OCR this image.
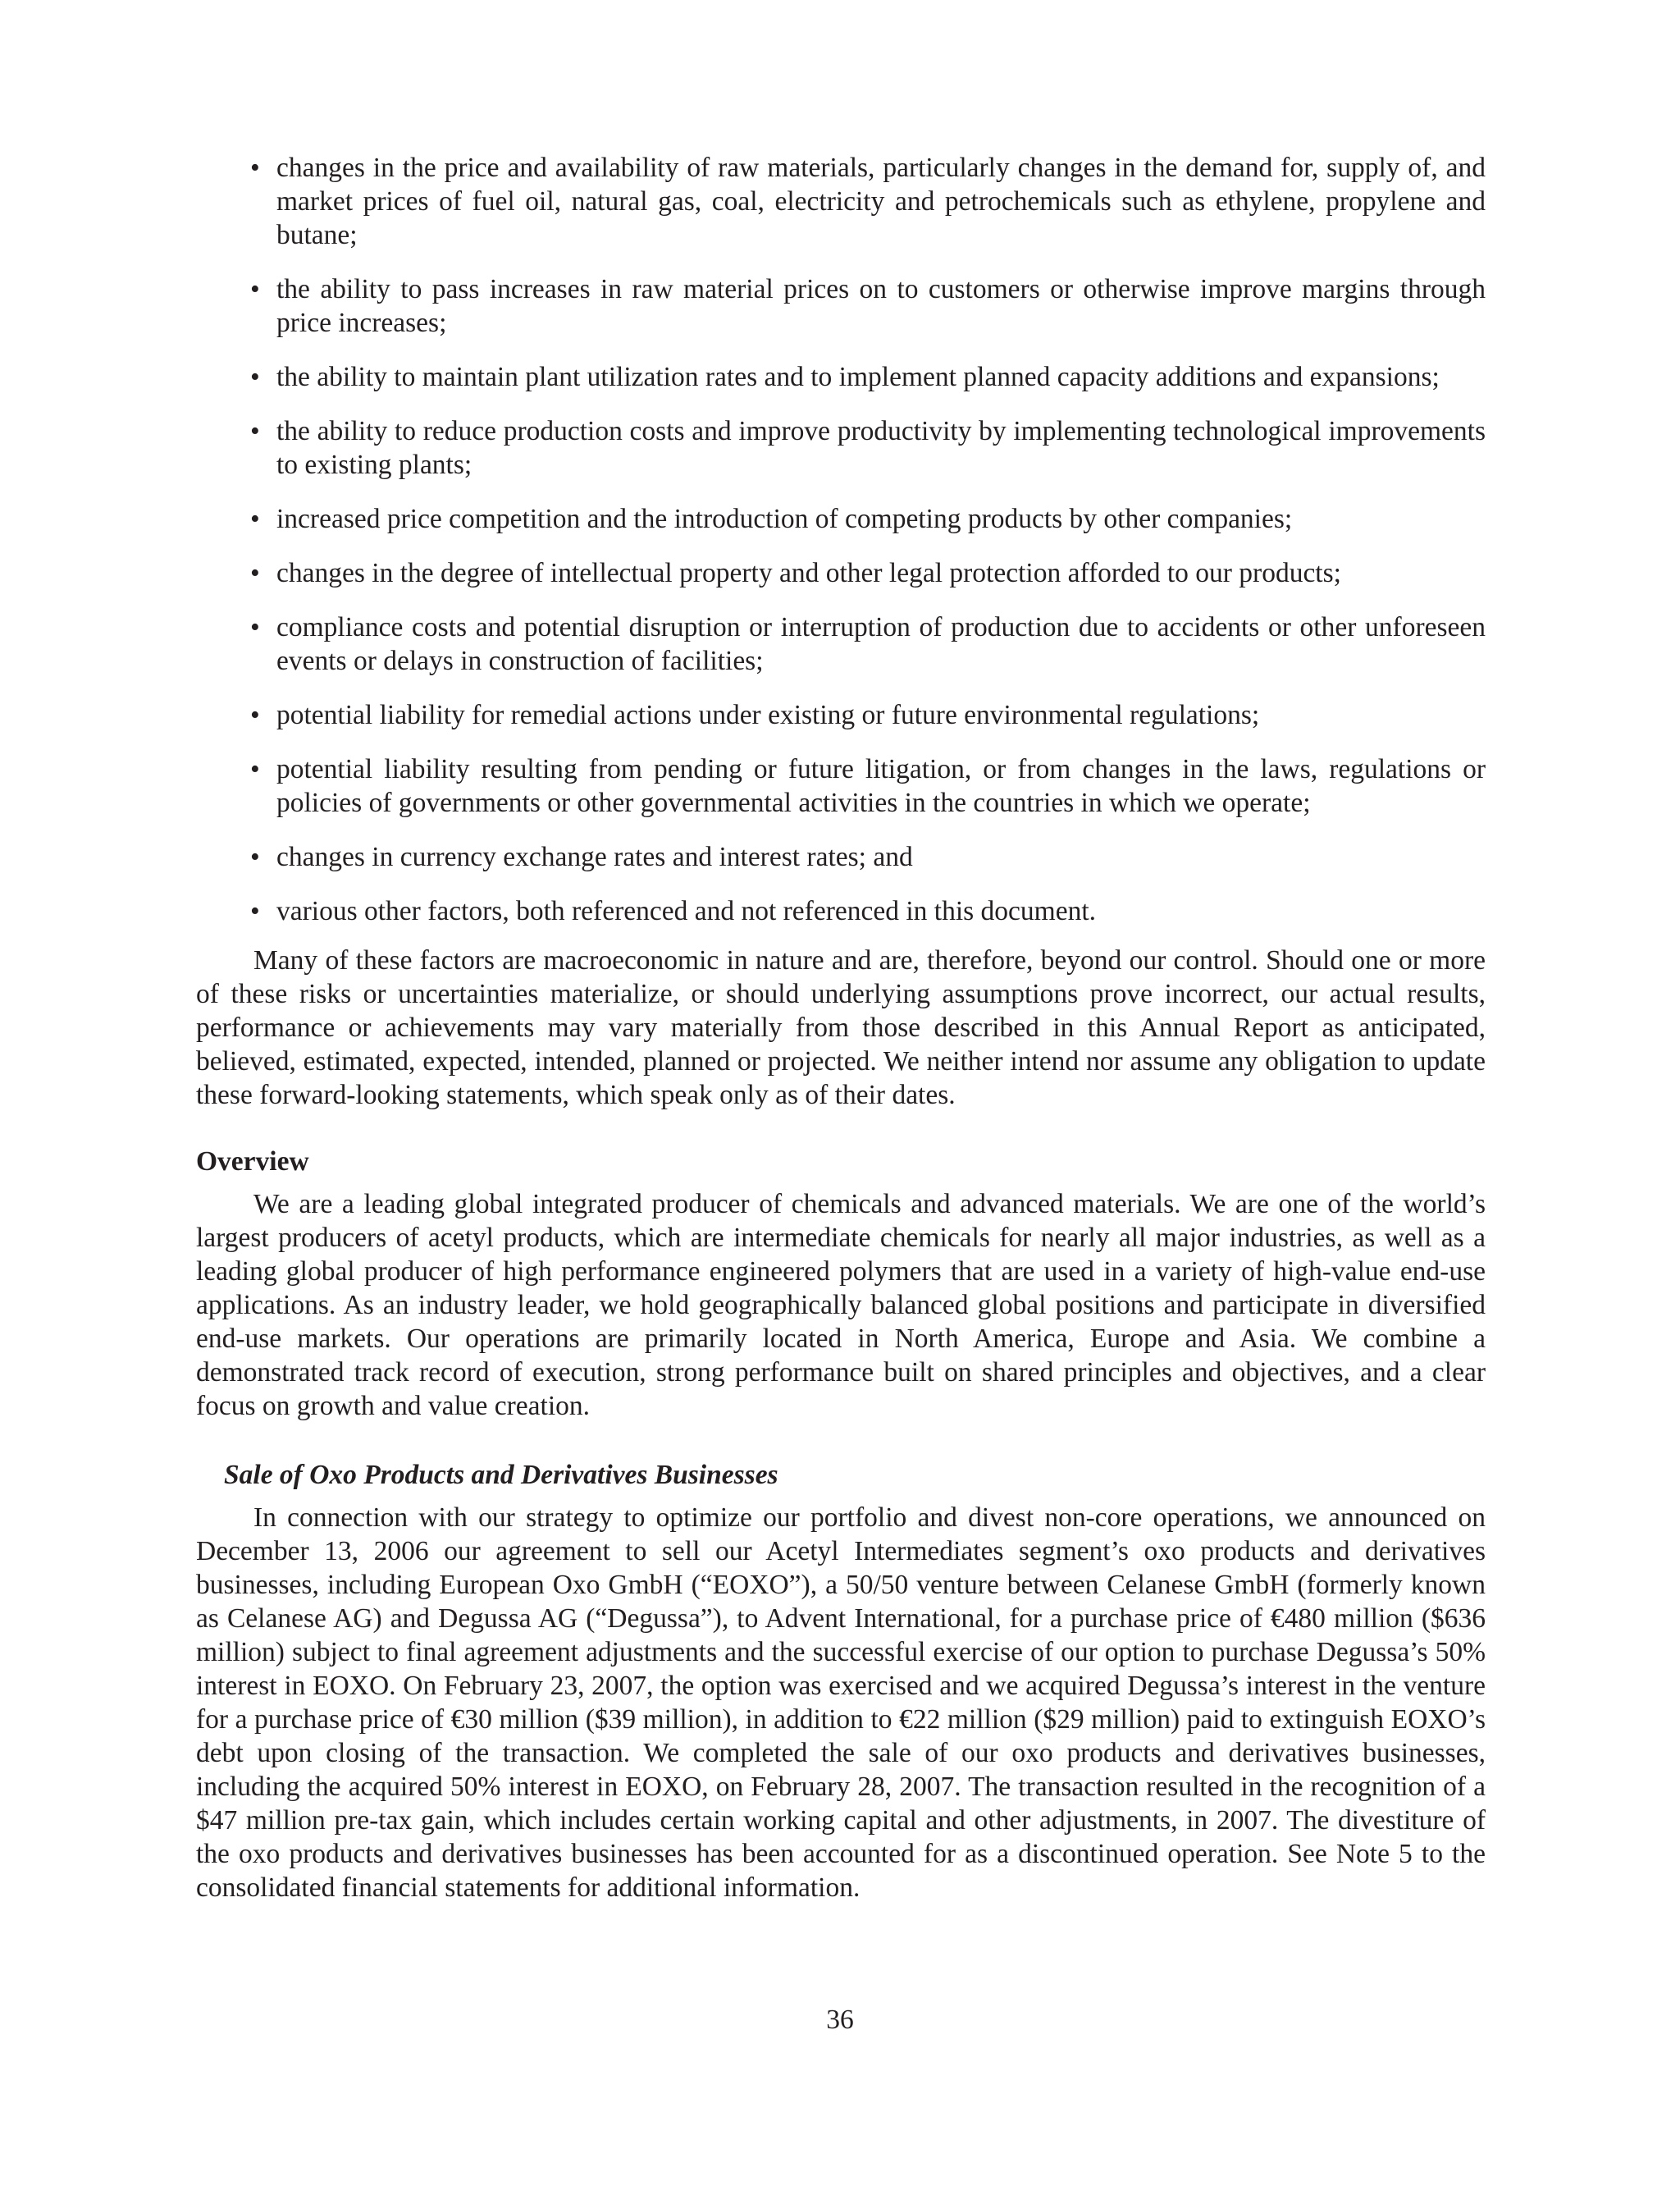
• changes in the price and availability of raw materials, particularly changes in the demand for, supply of, and market prices of fuel oil, natural gas, coal, electricity and petrochemicals such as ethylene, propylene and butane;
• the ability to pass increases in raw material prices on to customers or otherwise improve margins through price increases;
• the ability to maintain plant utilization rates and to implement planned capacity additions and expansions;
• the ability to reduce production costs and improve productivity by implementing technological improvements to existing plants;
• increased price competition and the introduction of competing products by other companies;
• changes in the degree of intellectual property and other legal protection afforded to our products;
• compliance costs and potential disruption or interruption of production due to accidents or other unforeseen events or delays in construction of facilities;
• potential liability for remedial actions under existing or future environmental regulations;
• potential liability resulting from pending or future litigation, or from changes in the laws, regulations or policies of governments or other governmental activities in the countries in which we operate;
• changes in currency exchange rates and interest rates; and
• various other factors, both referenced and not referenced in this document.

Many of these factors are macroeconomic in nature and are, therefore, beyond our control. Should one or more of these risks or uncertainties materialize, or should underlying assumptions prove incorrect, our actual results, performance or achievements may vary materially from those described in this Annual Report as anticipated, believed, estimated, expected, intended, planned or projected. We neither intend nor assume any obligation to update these forward-looking statements, which speak only as of their dates.

Overview

We are a leading global integrated producer of chemicals and advanced materials. We are one of the world’s largest producers of acetyl products, which are intermediate chemicals for nearly all major industries, as well as a leading global producer of high performance engineered polymers that are used in a variety of high-value end-use applications. As an industry leader, we hold geographically balanced global positions and participate in diversified end-use markets. Our operations are primarily located in North America, Europe and Asia. We combine a demonstrated track record of execution, strong performance built on shared principles and objectives, and a clear focus on growth and value creation.

Sale of Oxo Products and Derivatives Businesses

In connection with our strategy to optimize our portfolio and divest non-core operations, we announced on December 13, 2006 our agreement to sell our Acetyl Intermediates segment’s oxo products and derivatives businesses, including European Oxo GmbH (“EOXO”), a 50/50 venture between Celanese GmbH (formerly known as Celanese AG) and Degussa AG (“Degussa”), to Advent International, for a purchase price of €480 million ($636 million) subject to final agreement adjustments and the successful exercise of our option to purchase Degussa’s 50% interest in EOXO. On February 23, 2007, the option was exercised and we acquired Degussa’s interest in the venture for a purchase price of €30 million ($39 million), in addition to €22 million ($29 million) paid to extinguish EOXO’s debt upon closing of the transaction. We completed the sale of our oxo products and derivatives businesses, including the acquired 50% interest in EOXO, on February 28, 2007. The transaction resulted in the recognition of a $47 million pre-tax gain, which includes certain working capital and other adjustments, in 2007. The divestiture of the oxo products and derivatives businesses has been accounted for as a discontinued operation. See Note 5 to the consolidated financial statements for additional information.

36
